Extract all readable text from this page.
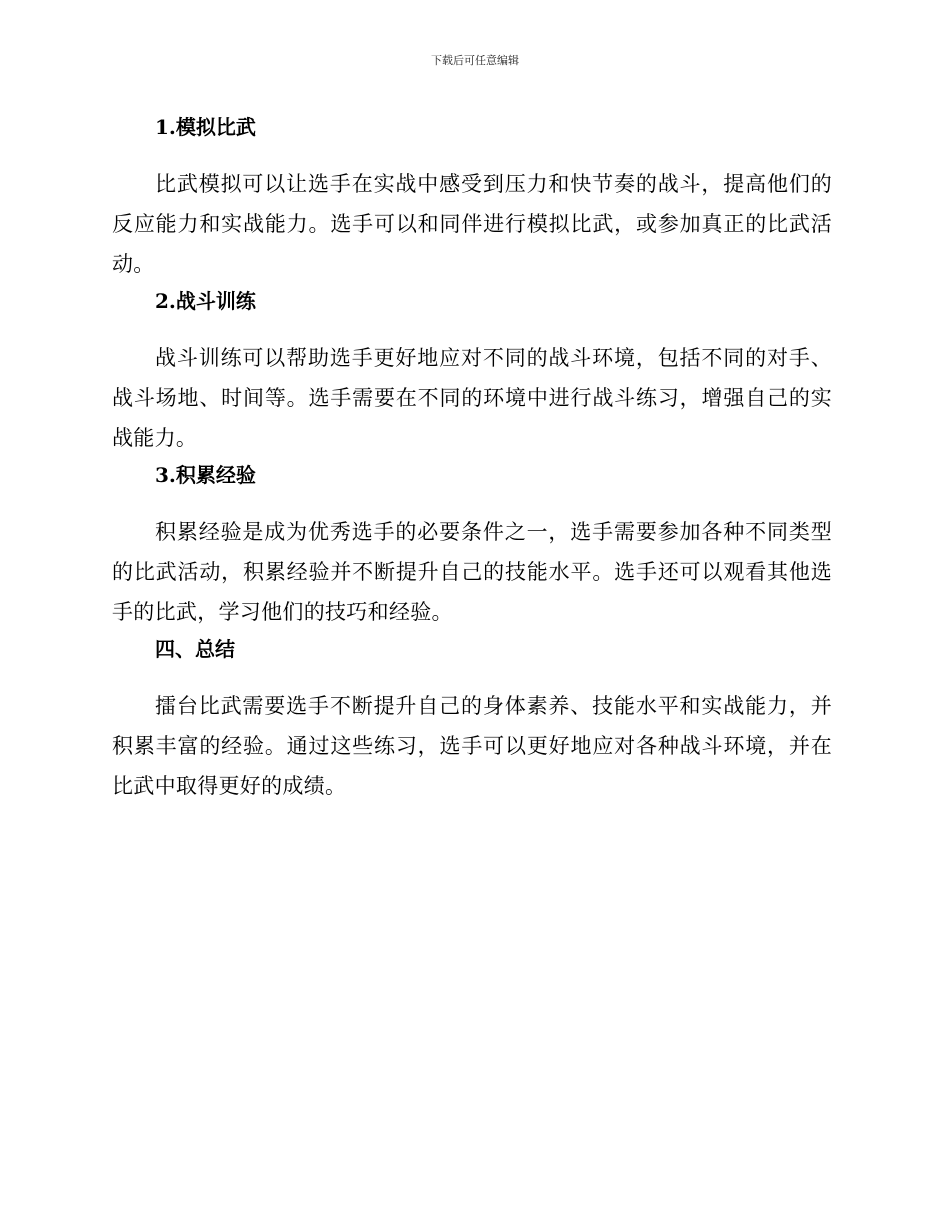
下载后可任意编辑
1.模拟比武

比武模拟可以让选手在实战中感受到压力和快节奏的战斗，提高他们的反应能力和实战能力。选手可以和同伴进行模拟比武，或参加真正的比武活动。

2.战斗训练

战斗训练可以帮助选手更好地应对不同的战斗环境，包括不同的对手、战斗场地、时间等。选手需要在不同的环境中进行战斗练习，增强自己的实战能力。

3.积累经验

积累经验是成为优秀选手的必要条件之一，选手需要参加各种不同类型的比武活动，积累经验并不断提升自己的技能水平。选手还可以观看其他选手的比武，学习他们的技巧和经验。

四、总结

擂台比武需要选手不断提升自己的身体素养、技能水平和实战能力，并积累丰富的经验。通过这些练习，选手可以更好地应对各种战斗环境，并在比武中取得更好的成绩。
